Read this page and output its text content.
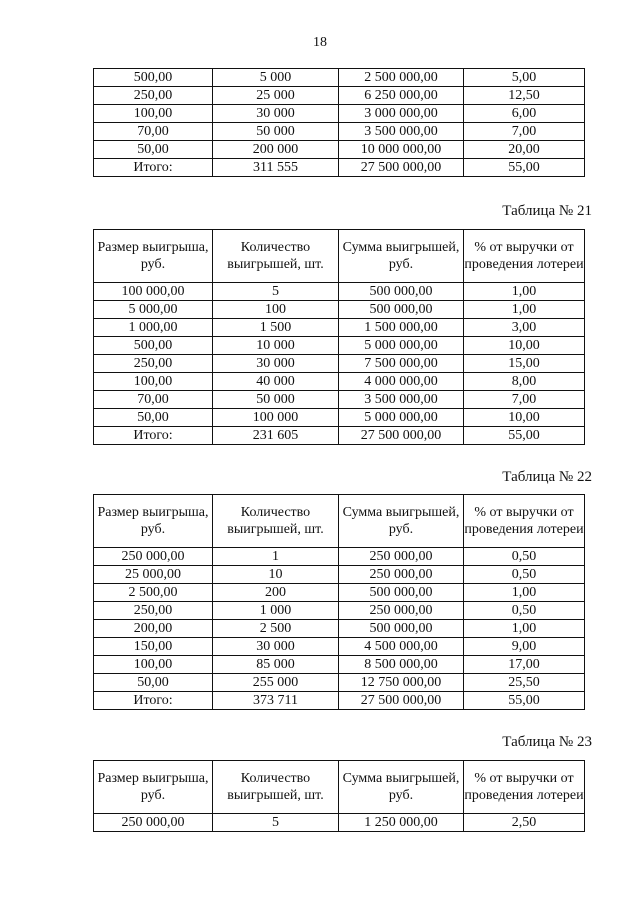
18
500,00	5 000	2 500 000,00	5,00
250,00	25 000	6 250 000,00	12,50
100,00	30 000	3 000 000,00	6,00
70,00	50 000	3 500 000,00	7,00
50,00	200 000	10 000 000,00	20,00
Итого:	311 555	27 500 000,00	55,00
Таблица № 21
Размер выигрыша, руб.	Количество выигрышей, шт.	Сумма выигрышей, руб.	% от выручки от проведения лотереи
100 000,00	5	500 000,00	1,00
5 000,00	100	500 000,00	1,00
1 000,00	1 500	1 500 000,00	3,00
500,00	10 000	5 000 000,00	10,00
250,00	30 000	7 500 000,00	15,00
100,00	40 000	4 000 000,00	8,00
70,00	50 000	3 500 000,00	7,00
50,00	100 000	5 000 000,00	10,00
Итого:	231 605	27 500 000,00	55,00
Таблица № 22
Размер выигрыша, руб.	Количество выигрышей, шт.	Сумма выигрышей, руб.	% от выручки от проведения лотереи
250 000,00	1	250 000,00	0,50
25 000,00	10	250 000,00	0,50
2 500,00	200	500 000,00	1,00
250,00	1 000	250 000,00	0,50
200,00	2 500	500 000,00	1,00
150,00	30 000	4 500 000,00	9,00
100,00	85 000	8 500 000,00	17,00
50,00	255 000	12 750 000,00	25,50
Итого:	373 711	27 500 000,00	55,00
Таблица № 23
Размер выигрыша, руб.	Количество выигрышей, шт.	Сумма выигрышей, руб.	% от выручки от проведения лотереи
250 000,00	5	1 250 000,00	2,50
